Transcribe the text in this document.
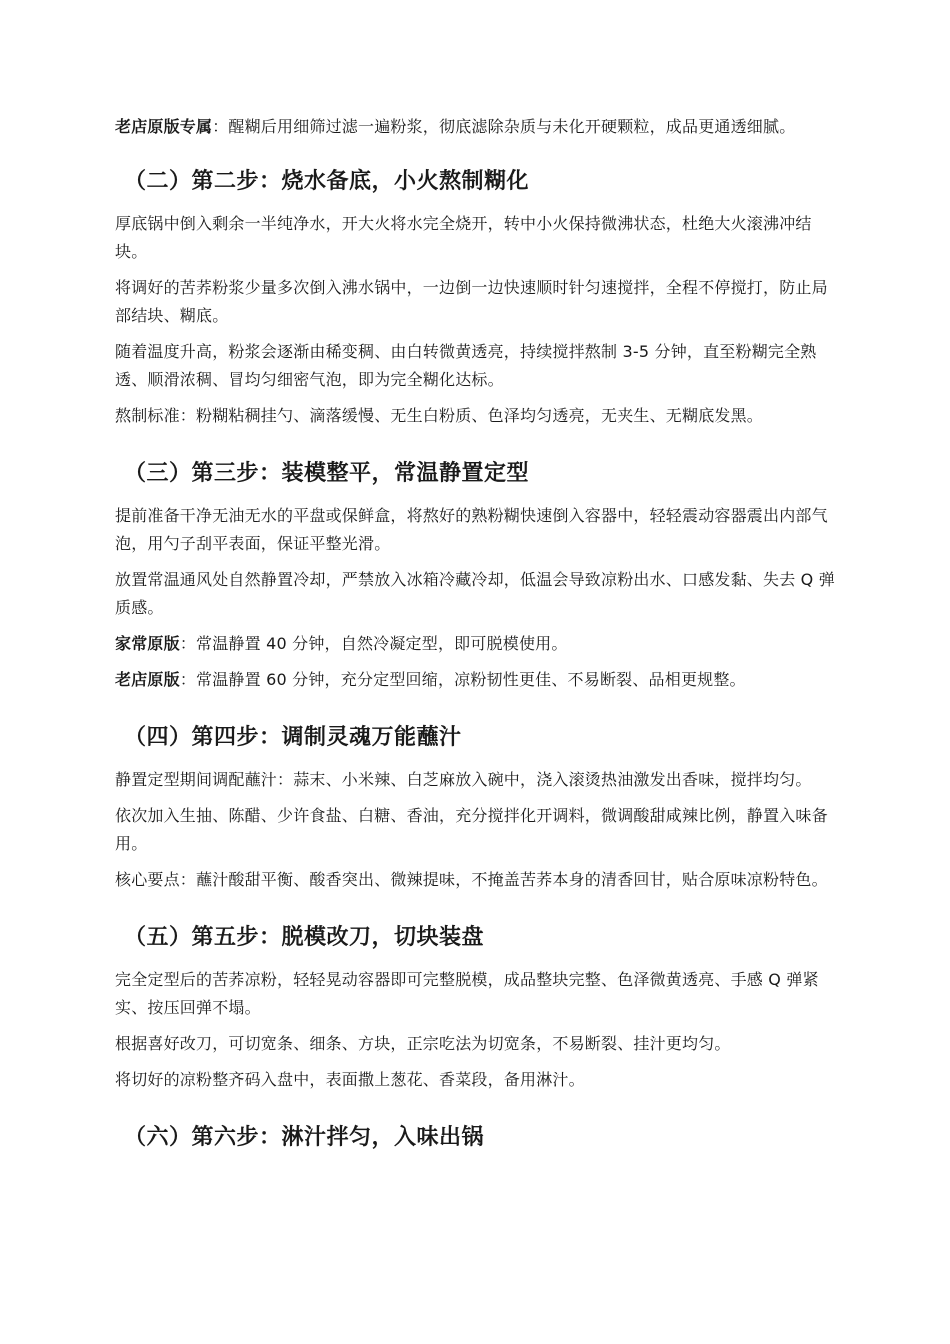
老店原版专属：醒糊后用细筛过滤一遍粉浆，彻底滤除杂质与未化开硬颗粒，成品更通透细腻。

（二）第二步：烧水备底，小火熬制糊化

厚底锅中倒入剩余一半纯净水，开大火将水完全烧开，转中小火保持微沸状态，杜绝大火滚沸冲结块。

将调好的苦荞粉浆少量多次倒入沸水锅中，一边倒一边快速顺时针匀速搅拌，全程不停搅打，防止局部结块、糊底。

随着温度升高，粉浆会逐渐由稀变稠、由白转微黄透亮，持续搅拌熬制 3-5 分钟，直至粉糊完全熟透、顺滑浓稠、冒均匀细密气泡，即为完全糊化达标。

熬制标准：粉糊粘稠挂勺、滴落缓慢、无生白粉质、色泽均匀透亮，无夹生、无糊底发黑。

（三）第三步：装模整平，常温静置定型

提前准备干净无油无水的平盘或保鲜盒，将熬好的熟粉糊快速倒入容器中，轻轻震动容器震出内部气泡，用勺子刮平表面，保证平整光滑。

放置常温通风处自然静置冷却，严禁放入冰箱冷藏冷却，低温会导致凉粉出水、口感发黏、失去 Q 弹质感。

家常原版：常温静置 40 分钟，自然冷凝定型，即可脱模使用。

老店原版：常温静置 60 分钟，充分定型回缩，凉粉韧性更佳、不易断裂、品相更规整。

（四）第四步：调制灵魂万能蘸汁

静置定型期间调配蘸汁：蒜末、小米辣、白芝麻放入碗中，浇入滚烫热油激发出香味，搅拌均匀。

依次加入生抽、陈醋、少许食盐、白糖、香油，充分搅拌化开调料，微调酸甜咸辣比例，静置入味备用。

核心要点：蘸汁酸甜平衡、酸香突出、微辣提味，不掩盖苦荞本身的清香回甘，贴合原味凉粉特色。

（五）第五步：脱模改刀，切块装盘

完全定型后的苦荞凉粉，轻轻晃动容器即可完整脱模，成品整块完整、色泽微黄透亮、手感 Q 弹紧实、按压回弹不塌。

根据喜好改刀，可切宽条、细条、方块，正宗吃法为切宽条，不易断裂、挂汁更均匀。

将切好的凉粉整齐码入盘中，表面撒上葱花、香菜段，备用淋汁。

（六）第六步：淋汁拌匀，入味出锅
